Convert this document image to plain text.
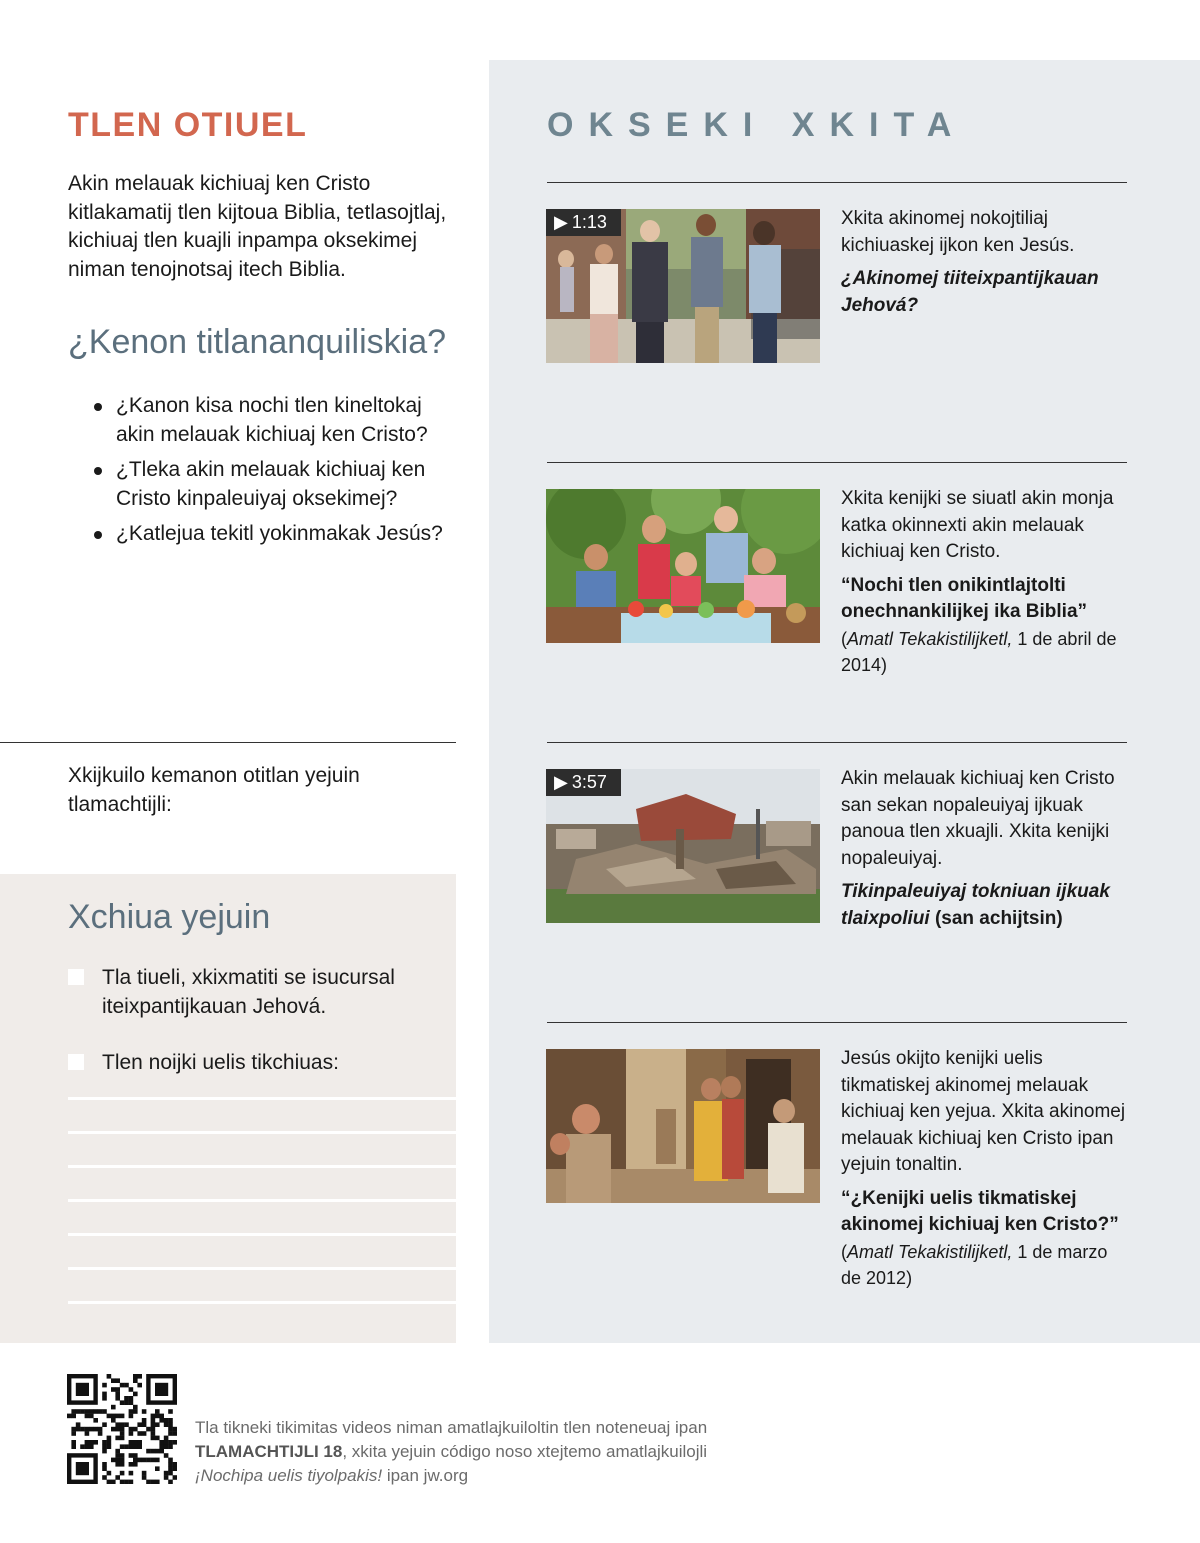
TLEN OTIUEL
Akin melauak kichiuaj ken Cristo kitlakamatij tlen kijtoua Biblia, tetlasojtlaj, kichiuaj tlen kuajli inpampa oksekimej niman tenojnotsaj itech Biblia.
¿Kenon titlananquiliskia?
¿Kanon kisa nochi tlen kineltokaj akin melauak kichiuaj ken Cristo?
¿Tleka akin melauak kichiuaj ken Cristo kinpaleuiyaj oksekimej?
¿Katlejua tekitl yokinmakak Jesús?
Xkijkuilo kemanon otitlan yejuin tlamachtijli:
Xchiua yejuin
Tla tiueli, xkixmatiti se isucursal iteixpantijkauan Jehová.
Tlen noijki uelis tikchiuas:
OKSEKI XKITA
▶ 1:13	Xkita akinomej nokojtiliaj kichiuaskej ijkon ken Jesús.
¿Akinomej tiiteixpantijkauan Jehová?
Xkita kenijki se siuatl akin monja katka okinnexti akin melauak kichiuaj ken Cristo.
“Nochi tlen onikintlajtolti onechnankilijkej ika Biblia”
(Amatl Tekakistilijketl, 1 de abril de 2014)
▶ 3:57	Akin melauak kichiuaj ken Cristo san sekan nopaleuiyaj ijkuak panoua tlen xkuajli. Xkita kenijki nopaleuiyaj.
Tikinpaleuiyaj tokniuan ijkuak tlaixpoliui (san achijtsin)
Jesús okijto kenijki uelis tikmatiskej akinomej melauak kichiuaj ken yejua. Xkita akinomej melauak kichiuaj ken Cristo ipan yejuin tonaltin.
“¿Kenijki uelis tikmatiskej akinomej kichiuaj ken Cristo?”
(Amatl Tekakistilijketl, 1 de marzo de 2012)
Tla tikneki tikimitas videos niman amatlajkuiloltin tlen noteneuaj ipan TLAMACHTIJLI 18, xkita yejuin código noso xtejtemo amatlajkuilojli ¡Nochipa uelis tiyolpakis! ipan jw.org
